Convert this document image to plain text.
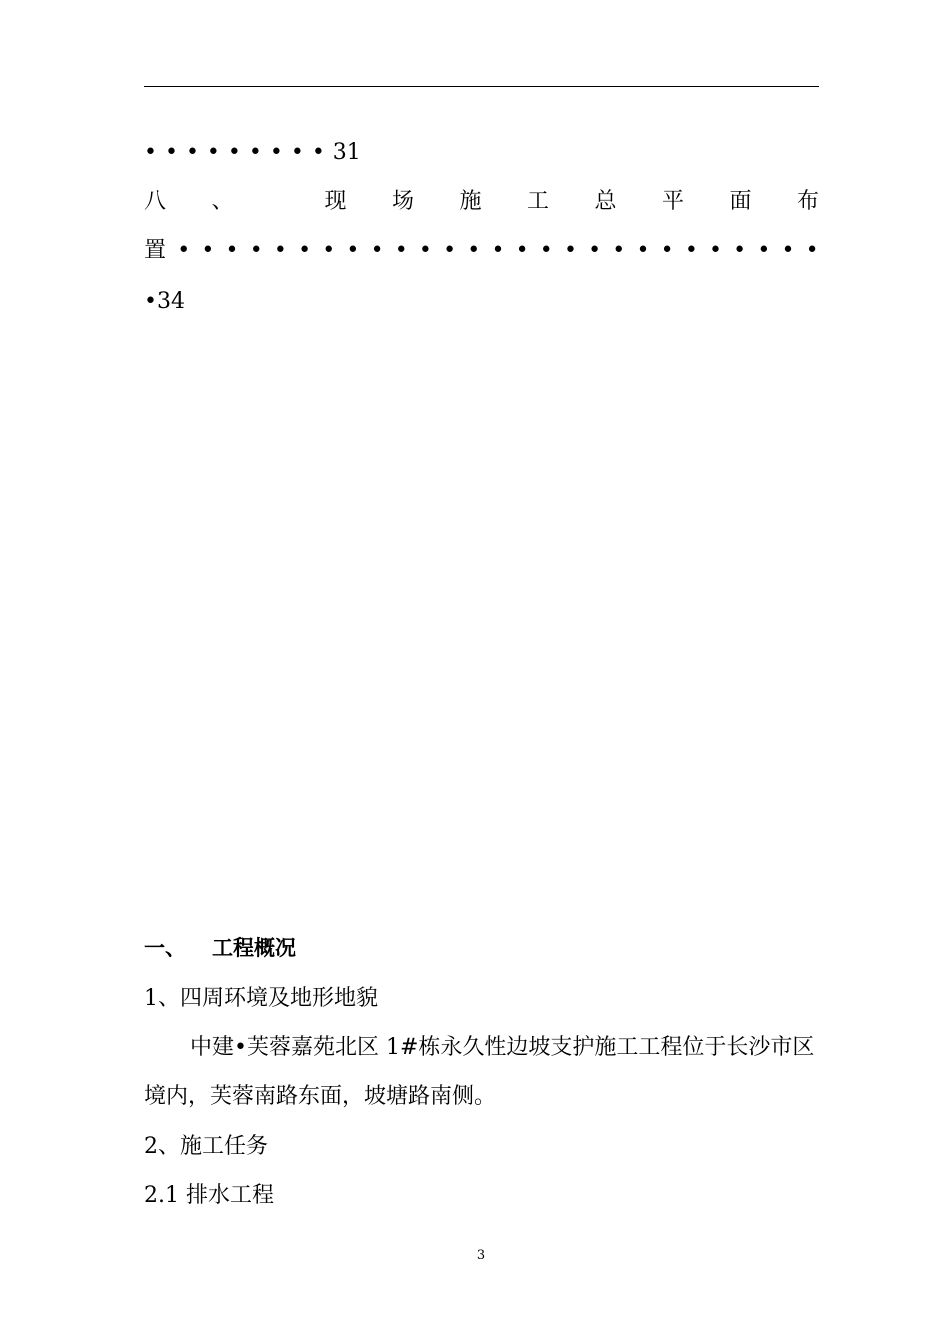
•••••••••31
八 、	现 场 施 工 总 平 面 布
置 • • • • • • • • • • • • • • • • • • • • • • • • • • •
•34
一、 工程概况
1、四周环境及地形地貌
中建•芙蓉嘉苑北区 1#栋永久性边坡支护施工工程位于长沙市区
境内，芙蓉南路东面，坡塘路南侧。
2、施工任务
2.1 排水工程
3
